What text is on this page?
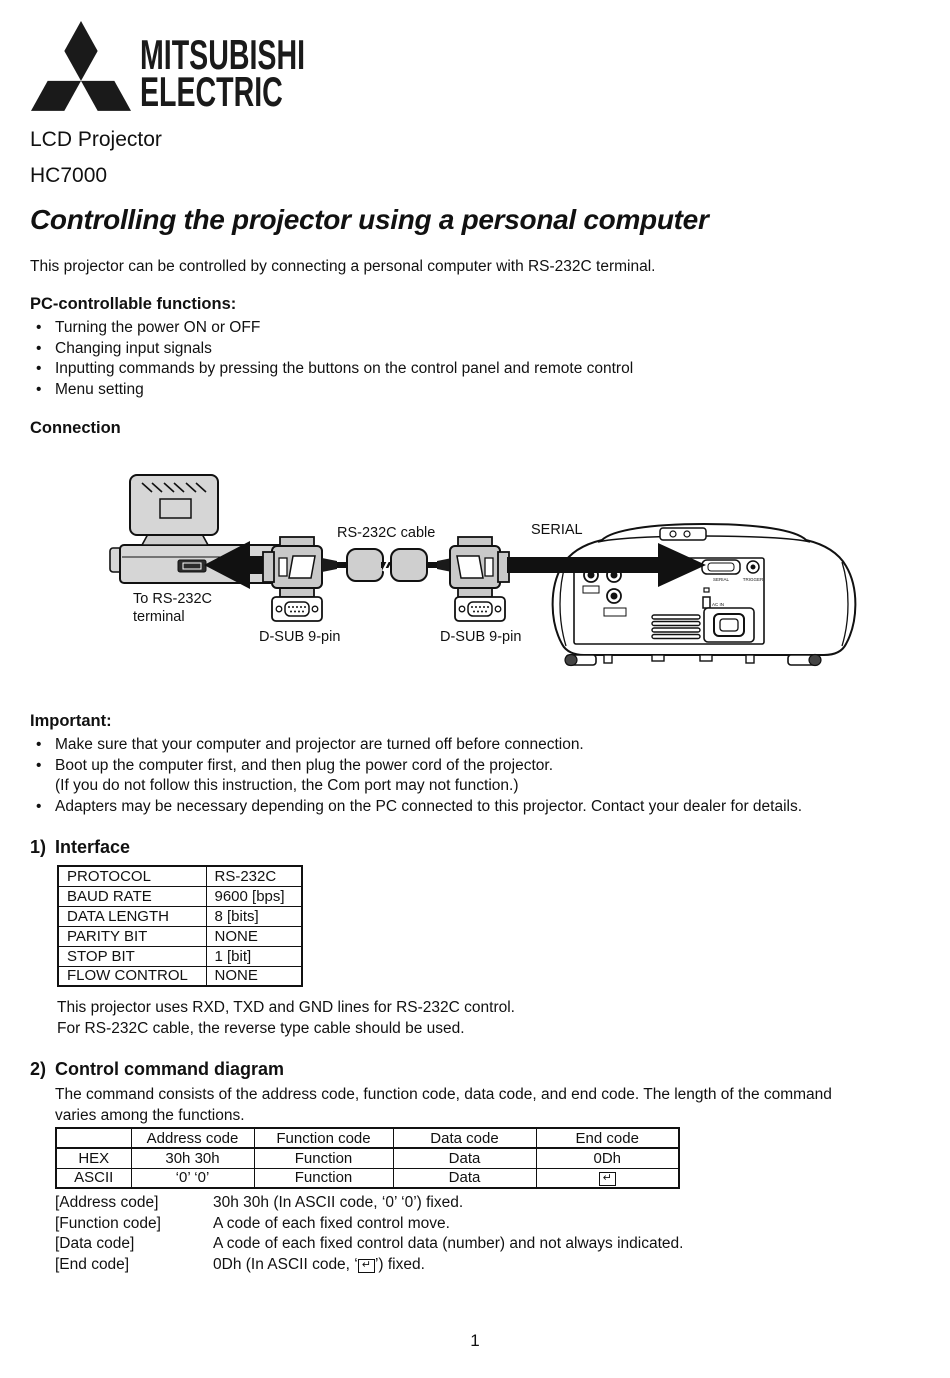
MITSUBISHI
ELECTRIC
LCD Projector
HC7000
Controlling the projector using a personal computer

This projector can be controlled by connecting a personal computer with RS-232C terminal.

PC-controllable functions:
• Turning the power ON or OFF
• Changing input signals
• Inputting commands by pressing the buttons on the control panel and remote control
• Menu setting
Connection
SERIAL	TRIGGER
AC IN
RS-232C cable	SERIAL
To RS-232C
terminal
D-SUB 9-pin	D-SUB 9-pin
Important:
• Make sure that your computer and projector are turned off before connection.
• Boot up the computer first, and then plug the power cord of the projector.
(If you do not follow this instruction, the Com port may not function.)
• Adapters may be necessary depending on the PC connected to this projector. Contact your dealer for details.
1) Interface
PROTOCOL	RS-232C
BAUD RATE	9600 [bps]
DATA LENGTH	8 [bits]
PARITY BIT	NONE
STOP BIT	1 [bit]
FLOW CONTROL	NONE
This projector uses RXD, TXD and GND lines for RS-232C control.
For RS-232C cable, the reverse type cable should be used.
2) Control command diagram
The command consists of the address code, function code, data code, and end code. The length of the command
varies among the functions.
	Address code	Function code	Data code	End code
HEX	30h 30h	Function	Data	0Dh
ASCII	‘0’ ‘0’	Function	Data	↵
[Address code]	30h 30h (In ASCII code, ‘0’ ‘0’) fixed.
[Function code]	A code of each fixed control move.
[Data code]	A code of each fixed control data (number) and not always indicated.
[End code]	0Dh (In ASCII code, ‘ ↵ ’) fixed.
1
